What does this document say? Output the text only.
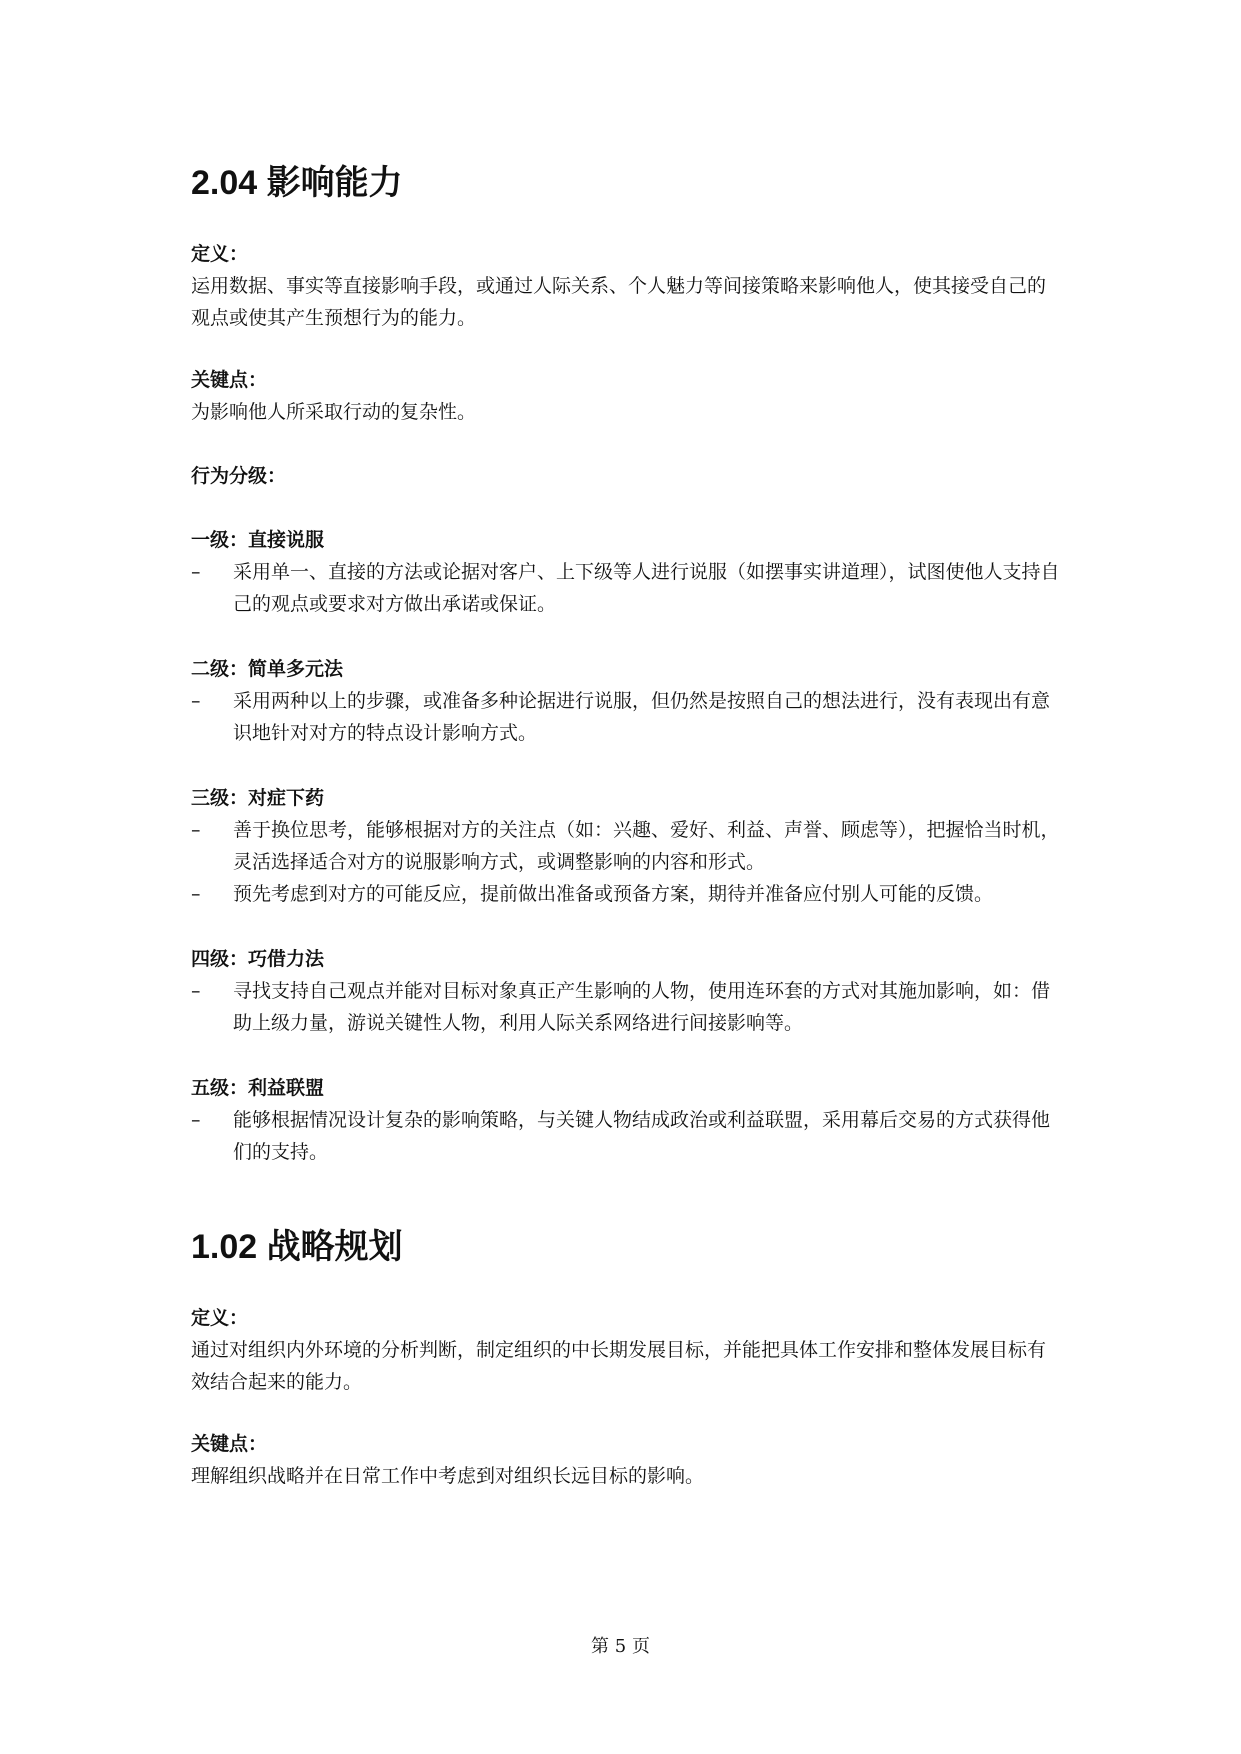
2.04 影响能力
定义：
运用数据、事实等直接影响手段，或通过人际关系、个人魅力等间接策略来影响他人，使其接受自己的观点或使其产生预想行为的能力。
关键点：
为影响他人所采取行动的复杂性。
行为分级：
一级：直接说服
–	采用单一、直接的方法或论据对客户、上下级等人进行说服（如摆事实讲道理），试图使他人支持自己的观点或要求对方做出承诺或保证。
二级：简单多元法
–	采用两种以上的步骤，或准备多种论据进行说服，但仍然是按照自己的想法进行，没有表现出有意识地针对对方的特点设计影响方式。
三级：对症下药
–	善于换位思考，能够根据对方的关注点（如：兴趣、爱好、利益、声誉、顾虑等），把握恰当时机，灵活选择适合对方的说服影响方式，或调整影响的内容和形式。
–	预先考虑到对方的可能反应，提前做出准备或预备方案，期待并准备应付别人可能的反馈。
四级：巧借力法
–	寻找支持自己观点并能对目标对象真正产生影响的人物，使用连环套的方式对其施加影响，如：借助上级力量，游说关键性人物，利用人际关系网络进行间接影响等。
五级：利益联盟
–	能够根据情况设计复杂的影响策略，与关键人物结成政治或利益联盟，采用幕后交易的方式获得他们的支持。
1.02 战略规划
定义：
通过对组织内外环境的分析判断，制定组织的中长期发展目标，并能把具体工作安排和整体发展目标有效结合起来的能力。
关键点：
理解组织战略并在日常工作中考虑到对组织长远目标的影响。
第 5 页
